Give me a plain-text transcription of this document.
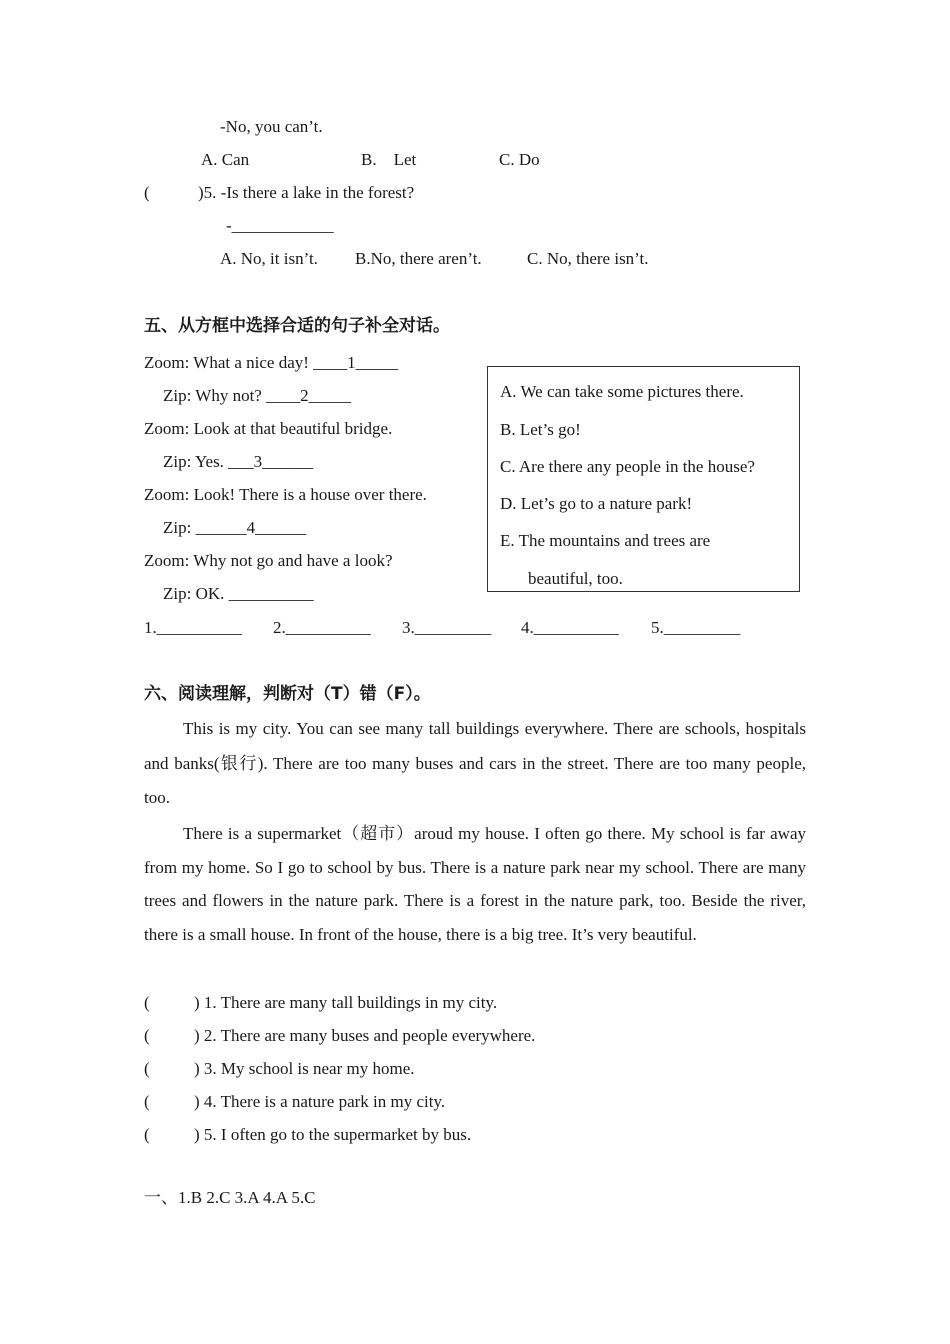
-No, you can’t.
A. Can	B.    Let	C. Do
(	)5. -Is there a lake in the forest?
-____________
A. No, it isn’t. B.No, there aren’t.	C. No, there isn’t.
五、从方框中选择合适的句子补全对话。
Zoom: What a nice day! ____1_____
Zip: Why not? ____2_____
Zoom: Look at that beautiful bridge.
Zip: Yes. ___3______
Zoom: Look! There is a house over there.
Zip: ______4______
Zoom: Why not go and have a look?
Zip: OK. __________
A. We can take some pictures there.
B. Let’s go!
C. Are there any people in the house?
D. Let’s go to a nature park!
E. The mountains and trees are
beautiful, too.
1.__________ 2.__________ 3._________ 4.__________ 5._________
六、阅读理解，判断对（T）错（F）。
This is my city. You can see many tall buildings everywhere. There are schools, hospitals and banks(银行). There are too many buses and cars in the street. There are too many people, too.
There is a supermarket（超市）aroud my house. I often go there. My school is far away from my home. So I go to school by bus. There is a nature park near my school. There are many trees and flowers in the nature park. There is a forest in the nature park, too. Beside the river, there is a small house. In front of the house, there is a big tree. It’s very beautiful.
(	) 1. There are many tall buildings in my city.
(	) 2. There are many buses and people everywhere.
(	) 3. My school is near my home.
(	) 4. There is a nature park in my city.
(	) 5. I often go to the supermarket by bus.
一、1.B 2.C 3.A 4.A 5.C
